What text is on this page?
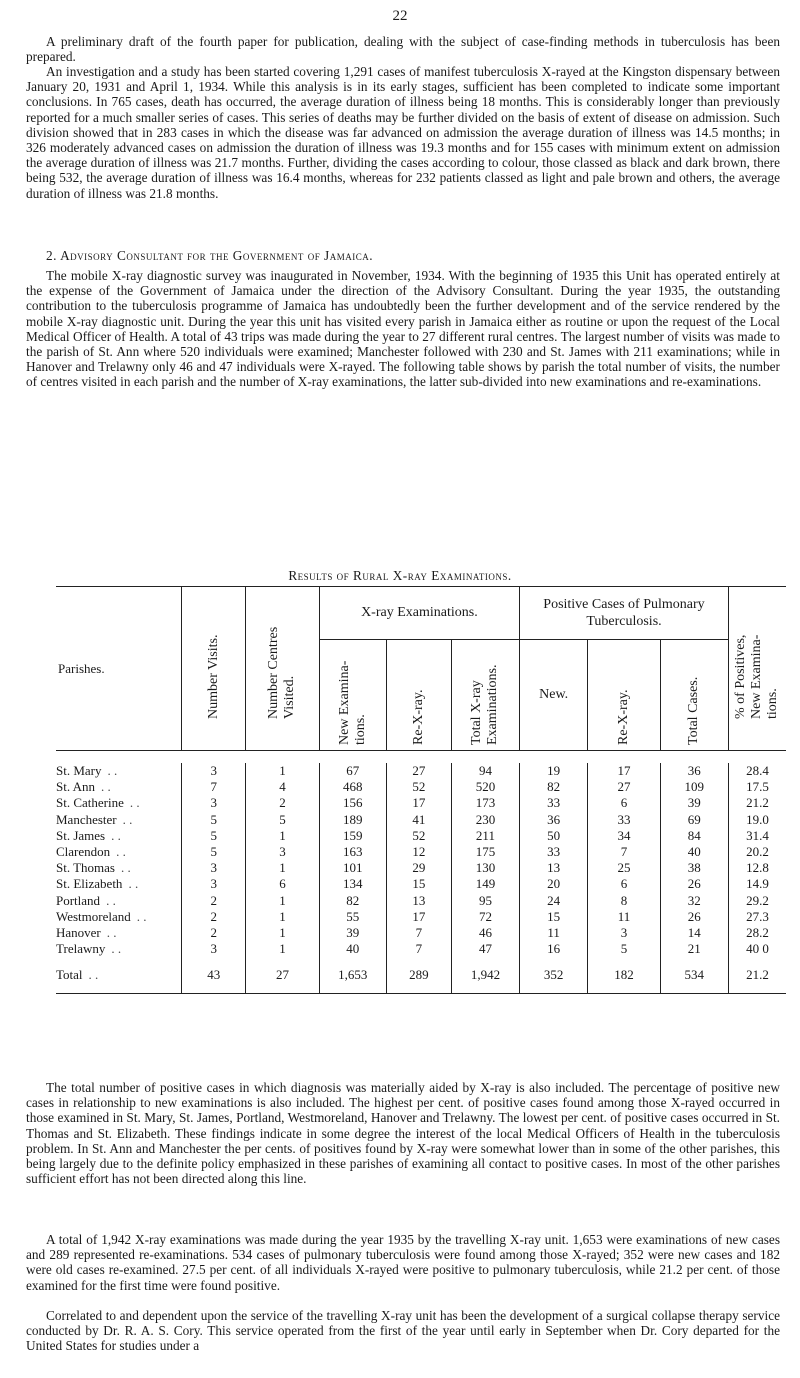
22

A preliminary draft of the fourth paper for publication, dealing with the subject of case-finding methods in tuberculosis has been prepared.

An investigation and a study has been started covering 1,291 cases of manifest tuberculosis X-rayed at the Kingston dispensary between January 20, 1931 and April 1, 1934. While this analysis is in its early stages, sufficient has been completed to indicate some important conclusions. In 765 cases, death has occurred, the average duration of illness being 18 months. This is considerably longer than previously reported for a much smaller series of cases. This series of deaths may be further divided on the basis of extent of disease on admission. Such division showed that in 283 cases in which the disease was far advanced on admission the average duration of illness was 14.5 months; in 326 moderately advanced cases on admission the duration of illness was 19.3 months and for 155 cases with minimum extent on admission the average duration of illness was 21.7 months. Further, dividing the cases according to colour, those classed as black and dark brown, there being 532, the average duration of illness was 16.4 months, whereas for 232 patients classed as light and pale brown and others, the average duration of illness was 21.8 months.

2. Advisory Consultant for the Government of Jamaica.

The mobile X-ray diagnostic survey was inaugurated in November, 1934. With the beginning of 1935 this Unit has operated entirely at the expense of the Government of Jamaica under the direction of the Advisory Consultant. During the year 1935, the outstanding contribution to the tuberculosis programme of Jamaica has undoubtedly been the further development and of the service rendered by the mobile X-ray diagnostic unit. During the year this unit has visited every parish in Jamaica either as routine or upon the request of the Local Medical Officer of Health. A total of 43 trips was made during the year to 27 different rural centres. The largest number of visits was made to the parish of St. Ann where 520 individuals were examined; Manchester followed with 230 and St. James with 211 examinations; while in Hanover and Trelawny only 46 and 47 individuals were X-rayed. The following table shows by parish the total number of visits, the number of centres visited in each parish and the number of X-ray examinations, the latter sub-divided into new examinations and re-examinations.

Results of Rural X-ray Examinations.
Parishes.	Number Visits.	Number Centres Visited.	X-ray Examinations.			Positive Cases of Pulmonary Tuberculosis.			% of Positives, New Examina-tions.

			New Examina-tions.	Re-X-ray.	Total X-ray Examinations.	New.	Re-X-ray.	Total Cases.	

St. Mary . .	3	1	67	27	94	19	17	36	28.4
St. Ann . .	7	4	468	52	520	82	27	109	17.5
St. Catherine . .	3	2	156	17	173	33	6	39	21.2
Manchester . .	5	5	189	41	230	36	33	69	19.0
St. James . .	5	1	159	52	211	50	34	84	31.4
Clarendon . .	5	3	163	12	175	33	7	40	20.2
St. Thomas . .	3	1	101	29	130	13	25	38	12.8
St. Elizabeth . .	3	6	134	15	149	20	6	26	14.9
Portland . .	2	1	82	13	95	24	8	32	29.2
Westmoreland . .	2	1	55	17	72	15	11	26	27.3
Hanover . .	2	1	39	7	46	11	3	14	28.2
Trelawny . .	3	1	40	7	47	16	5	21	40 0
Total . .	43	27	1,653	289	1,942	352	182	534	21.2

The total number of positive cases in which diagnosis was materially aided by X-ray is also included. The percentage of positive new cases in relationship to new examinations is also included. The highest per cent. of positive cases found among those X-rayed occurred in those examined in St. Mary, St. James, Portland, Westmoreland, Hanover and Trelawny. The lowest per cent. of positive cases occurred in St. Thomas and St. Elizabeth. These findings indicate in some degree the interest of the local Medical Officers of Health in the tuberculosis problem. In St. Ann and Manchester the per cents. of positives found by X-ray were somewhat lower than in some of the other parishes, this being largely due to the definite policy emphasized in these parishes of examining all contact to positive cases. In most of the other parishes sufficient effort has not been directed along this line.

A total of 1,942 X-ray examinations was made during the year 1935 by the travelling X-ray unit. 1,653 were examinations of new cases and 289 represented re-examinations. 534 cases of pulmonary tuberculosis were found among those X-rayed; 352 were new cases and 182 were old cases re-examined. 27.5 per cent. of all individuals X-rayed were positive to pulmonary tuberculosis, while 21.2 per cent. of those examined for the first time were found positive.

Correlated to and dependent upon the service of the travelling X-ray unit has been the development of a surgical collapse therapy service conducted by Dr. R. A. S. Cory. This service operated from the first of the year until early in September when Dr. Cory departed for the United States for studies under a
